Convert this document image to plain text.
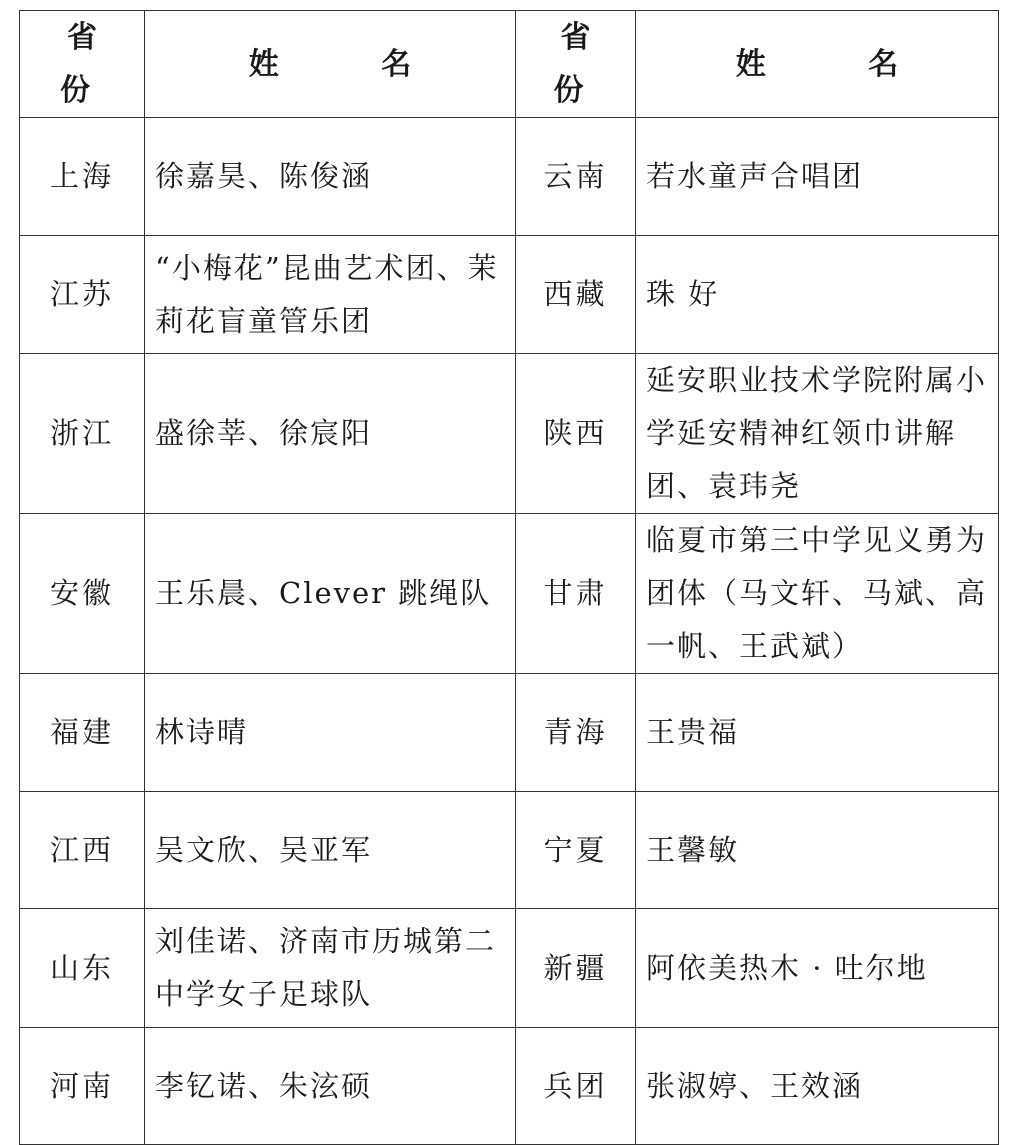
省 份	姓 名	省 份	姓 名
上海	徐嘉昊、陈俊涵	云南	若水童声合唱团
江苏	“小梅花”昆曲艺术团、茉莉花盲童管乐团	西藏	珠 好
浙江	盛徐莘、徐宸阳	陕西	延安职业技术学院附属小学延安精神红领巾讲解团、袁玮尧
安徽	王乐晨、Clever 跳绳队	甘肃	临夏市第三中学见义勇为团体（马文轩、马斌、高一帆、王武斌）
福建	林诗晴	青海	王贵福
江西	吴文欣、吴亚军	宁夏	王馨敏
山东	刘佳诺、济南市历城第二中学女子足球队	新疆	阿依美热木 · 吐尔地
河南	李钇诺、朱泫硕	兵团	张淑婷、王效涵
